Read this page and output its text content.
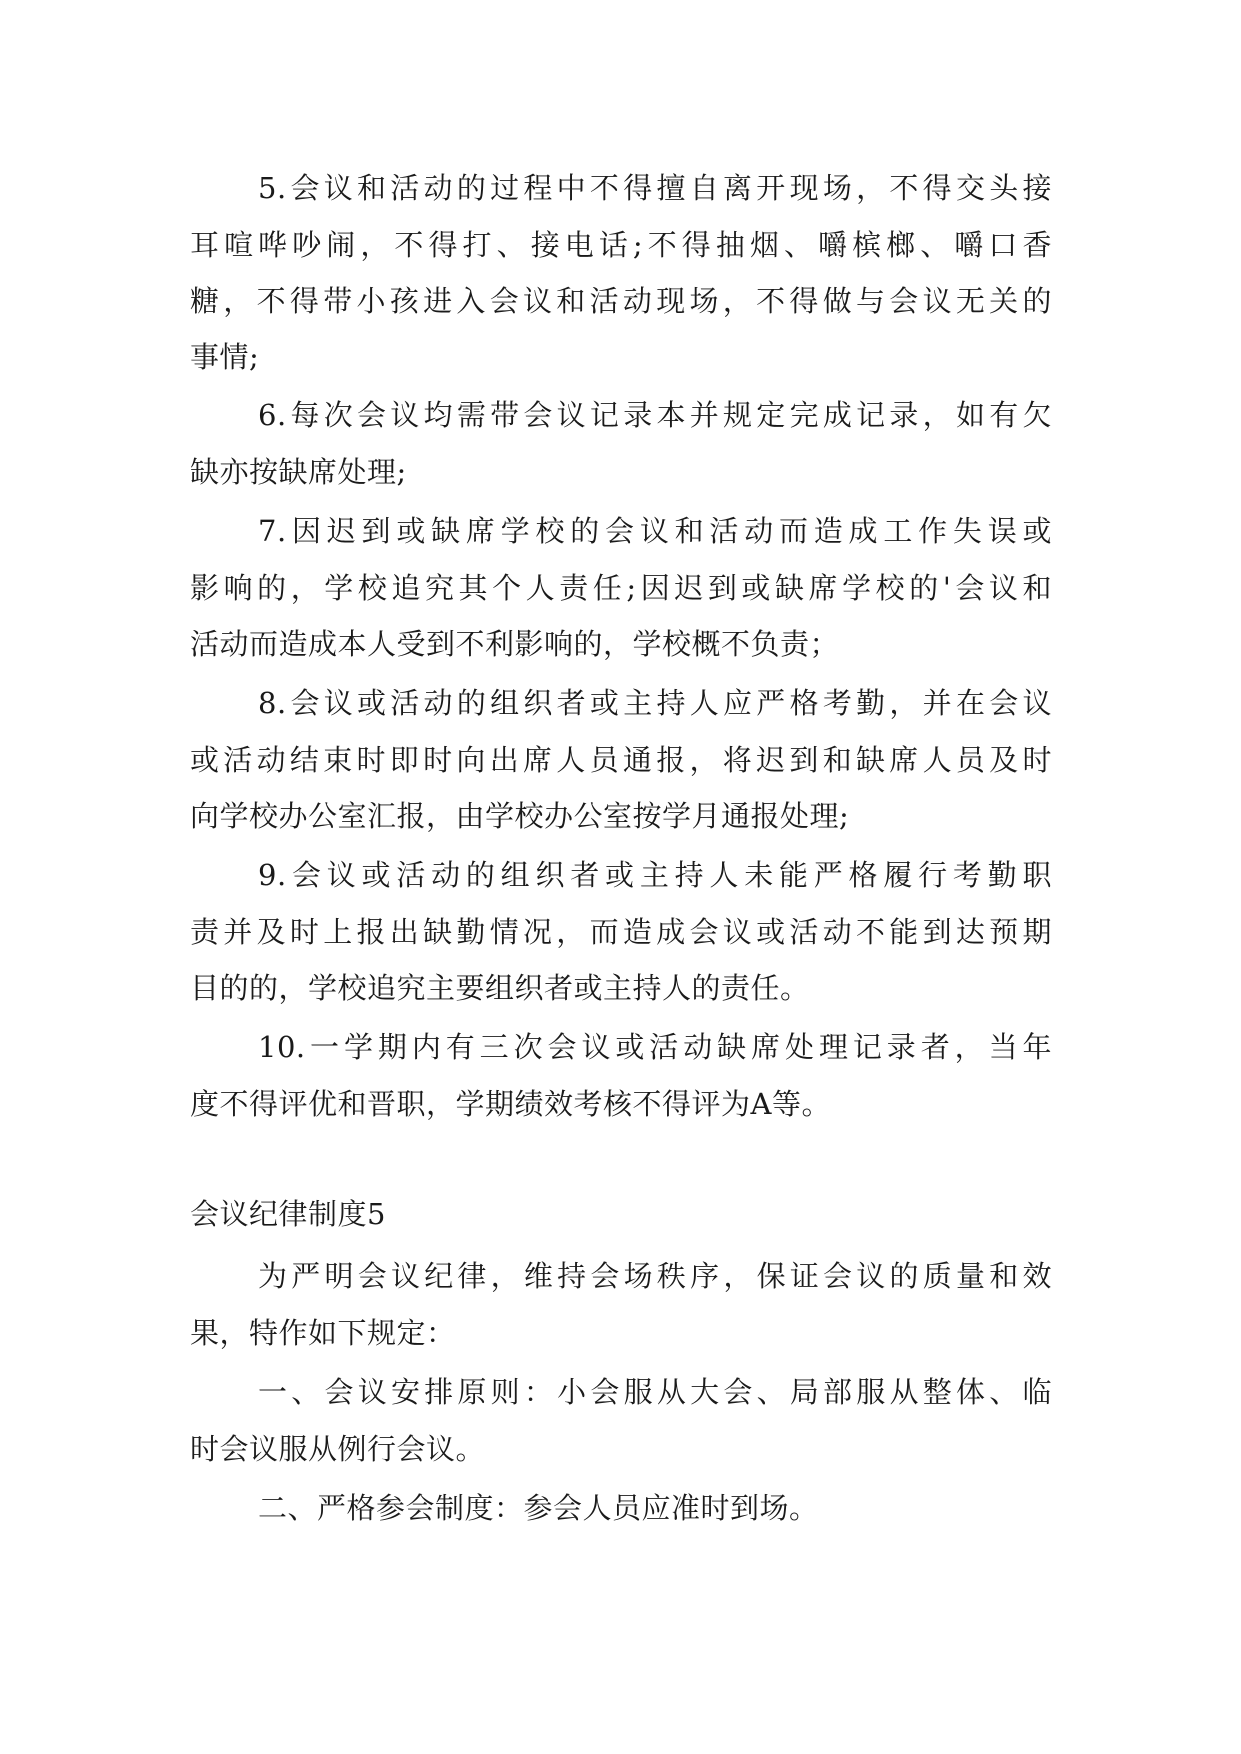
5.会议和活动的过程中不得擅自离开现场，不得交头接
耳喧哗吵闹，不得打、接电话;不得抽烟、嚼槟榔、嚼口香
糖，不得带小孩进入会议和活动现场，不得做与会议无关的
事情;
6.每次会议均需带会议记录本并规定完成记录，如有欠
缺亦按缺席处理;
7.因迟到或缺席学校的会议和活动而造成工作失误或
影响的，学校追究其个人责任;因迟到或缺席学校的'会议和
活动而造成本人受到不利影响的，学校概不负责；
8.会议或活动的组织者或主持人应严格考勤，并在会议
或活动结束时即时向出席人员通报，将迟到和缺席人员及时
向学校办公室汇报，由学校办公室按学月通报处理;
9.会议或活动的组织者或主持人未能严格履行考勤职
责并及时上报出缺勤情况，而造成会议或活动不能到达预期
目的的，学校追究主要组织者或主持人的责任。
10.一学期内有三次会议或活动缺席处理记录者，当年
度不得评优和晋职，学期绩效考核不得评为A等。
会议纪律制度5
为严明会议纪律，维持会场秩序，保证会议的质量和效
果，特作如下规定：
一、会议安排原则：小会服从大会、局部服从整体、临
时会议服从例行会议。
二、严格参会制度：参会人员应准时到场。
